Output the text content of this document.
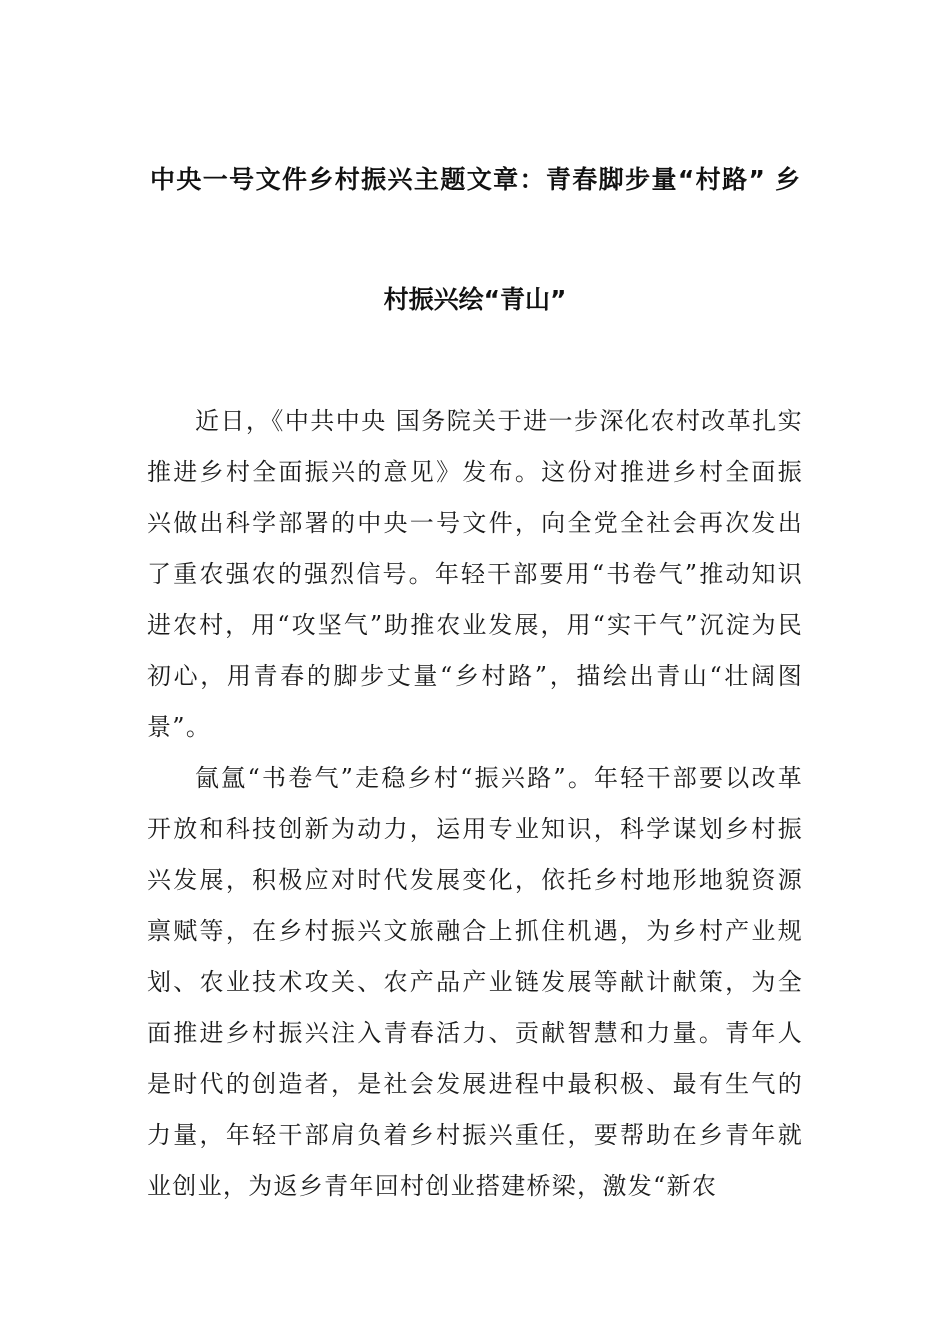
中央一号文件乡村振兴主题文章：青春脚步量“村路” 乡
村振兴绘“青山”

近日，《中共中央 国务院关于进一步深化农村改革扎实推进乡村全面振兴的意见》发布。这份对推进乡村全面振兴做出科学部署的中央一号文件，向全党全社会再次发出了重农强农的强烈信号。年轻干部要用“书卷气”推动知识进农村，用“攻坚气”助推农业发展，用“实干气”沉淀为民初心，用青春的脚步丈量“乡村路”，描绘出青山“壮阔图景”。

氤氲“书卷气”走稳乡村“振兴路”。年轻干部要以改革开放和科技创新为动力，运用专业知识，科学谋划乡村振兴发展，积极应对时代发展变化，依托乡村地形地貌资源禀赋等，在乡村振兴文旅融合上抓住机遇，为乡村产业规划、农业技术攻关、农产品产业链发展等献计献策，为全面推进乡村振兴注入青春活力、贡献智慧和力量。青年人是时代的创造者，是社会发展进程中最积极、最有生气的力量，年轻干部肩负着乡村振兴重任，要帮助在乡青年就业创业，为返乡青年回村创业搭建桥梁，激发“新农
